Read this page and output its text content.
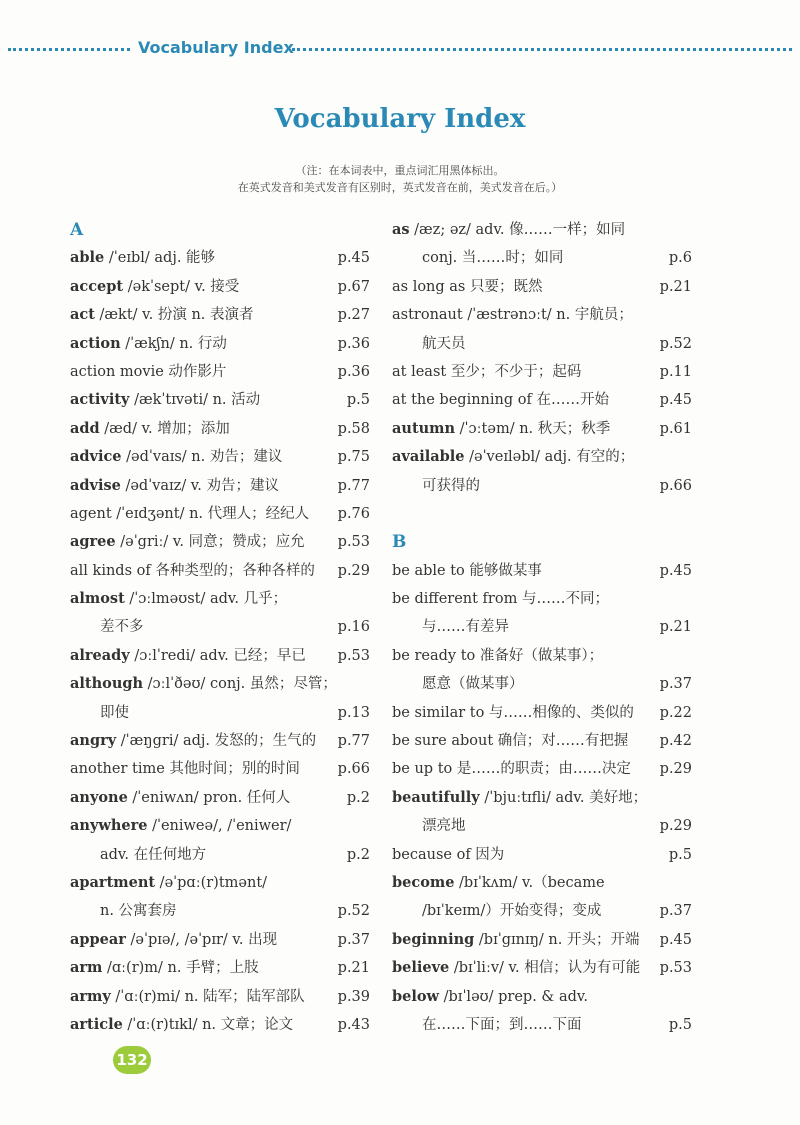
Vocabulary Index
Vocabulary Index
（注：在本词表中，重点词汇用黑体标出。
在英式发音和美式发音有区别时，英式发音在前，美式发音在后。）
A
able /ˈeɪbl/ adj. 能够	p.45
accept /əkˈsept/ v. 接受	p.67
act /ækt/ v. 扮演 n. 表演者	p.27
action /ˈækʃn/ n. 行动	p.36
action movie 动作影片	p.36
activity /ækˈtɪvəti/ n. 活动	p.5
add /æd/ v. 增加；添加	p.58
advice /ədˈvaɪs/ n. 劝告；建议	p.75
advise /ədˈvaɪz/ v. 劝告；建议	p.77
agent /ˈeɪdʒənt/ n. 代理人；经纪人 p.76
agree /əˈgriː/ v. 同意；赞成；应允 p.53
all kinds of 各种类型的；各种各样的 p.29
almost /ˈɔːlməʊst/ adv. 几乎；
差不多	p.16
already /ɔːlˈredi/ adv. 已经；早已 p.53
although /ɔːlˈðəʊ/ conj. 虽然；尽管；
即使	p.13
angry /ˈæŋgri/ adj. 发怒的；生气的 p.77
another time 其他时间；别的时间	p.66
anyone /ˈeniwʌn/ pron. 任何人	p.2
anywhere /ˈeniweə/, /ˈeniwer/
adv. 在任何地方	p.2
apartment /əˈpɑː(r)tmənt/
n. 公寓套房	p.52
appear /əˈpɪə/, /əˈpɪr/ v. 出现	p.37
arm /ɑː(r)m/ n. 手臂；上肢	p.21
army /ˈɑː(r)mi/ n. 陆军；陆军部队 p.39
article /ˈɑː(r)tɪkl/ n. 文章；论文	p.43
as /æz; əz/ adv. 像……一样；如同
conj. 当……时；如同	p.6
as long as 只要；既然	p.21
astronaut /ˈæstrənɔːt/ n. 宇航员；
航天员	p.52
at least 至少；不少于；起码	p.11
at the beginning of 在……开始	p.45
autumn /ˈɔːtəm/ n. 秋天；秋季	p.61
available /əˈveɪləbl/ adj. 有空的；
可获得的	p.66
B
be able to 能够做某事	p.45
be different from 与……不同；
与……有差异	p.21
be ready to 准备好（做某事）；
愿意（做某事）	p.37
be similar to 与……相像的、类似的 p.22
be sure about 确信；对……有把握 p.42
be up to 是……的职责；由……决定 p.29
beautifully /ˈbjuːtɪfli/ adv. 美好地；
漂亮地	p.29
because of 因为	p.5
become /bɪˈkʌm/ v.（became
/bɪˈkeɪm/）开始变得；变成	p.37
beginning /bɪˈgɪnɪŋ/ n. 开头；开端 p.45
believe /bɪˈliːv/ v. 相信；认为有可能 p.53
below /bɪˈləʊ/ prep. & adv.
在……下面；到……下面	p.5
132
